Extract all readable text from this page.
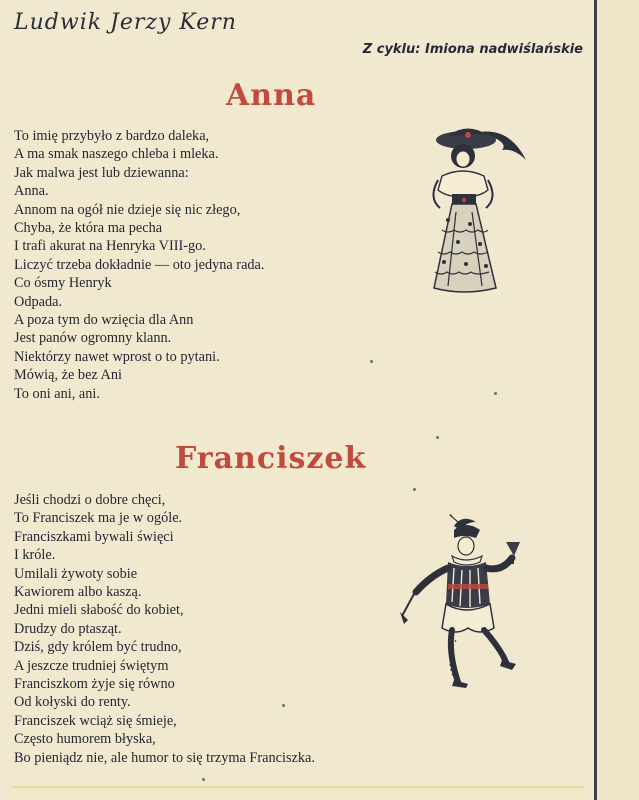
Ludwik Jerzy Kern
Z cyklu: Imiona nadwiślańskie
Anna
To imię przybyło z bardzo daleka,
A ma smak naszego chleba i mleka.
Jak malwa jest lub dziewanna:
Anna.
Annom na ogół nie dzieje się nic złego,
Chyba, że która ma pecha
I trafi akurat na Henryka VIII-go.
Liczyć trzeba dokładnie — oto jedyna rada.
Co ósmy Henryk
Odpada.
A poza tym do wzięcia dla Ann
Jest panów ogromny klann.
Niektórzy nawet wprost o to pytani.
Mówią, że bez Ani
To oni ani, ani.
Franciszek
Jeśli chodzi o dobre chęci,
To Franciszek ma je w ogóle.
Franciszkami bywali święci
I królе.
Umilali żywoty sobie
Kawiorem albo kaszą.
Jedni mieli słabość do kobiet,
Drudzy do ptasząt.
Dziś, gdy królem być trudno,
A jeszcze trudniej świętym
Franciszkom żyje się równo
Od kołyski do renty.
Franciszek wciąż się śmieje,
Często humorem błyska,
Bo pieniądz nie, ale humor to się trzyma Franciszka.
